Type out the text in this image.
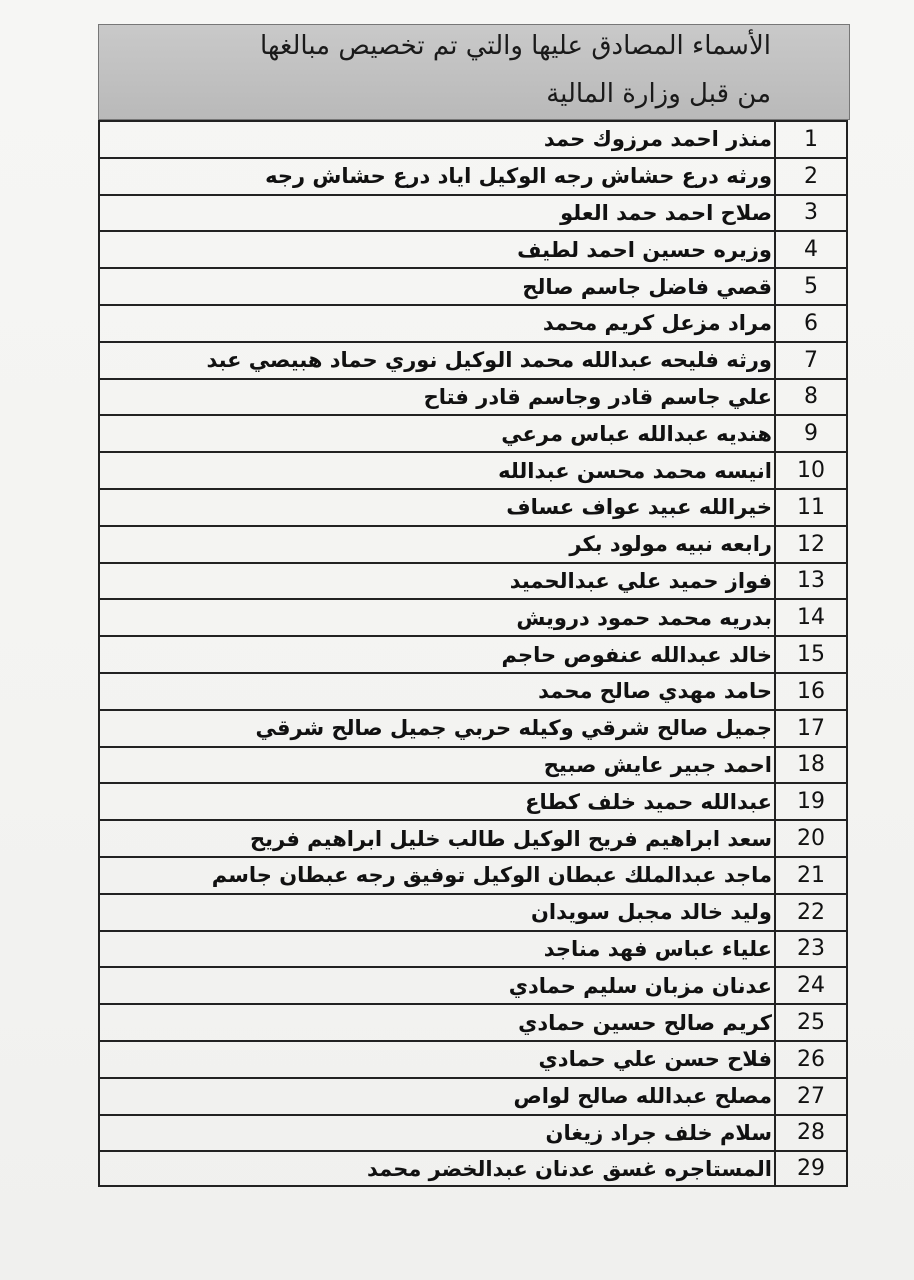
الأسماء المصادق عليها والتي تم تخصيص مبالغها
من قبل وزارة المالية
منذر احمد مرزوك حمد	1
ورثه درع حشاش رجه الوكيل اياد درع حشاش رجه	2
صلاح احمد حمد العلو	3
وزيره حسين احمد لطيف	4
قصي فاضل جاسم صالح	5
مراد مزعل كريم محمد	6
ورثه فليحه عبدالله محمد الوكيل نوري حماد هبيصي عبد	7
علي جاسم قادر وجاسم قادر فتاح	8
هنديه عبدالله عباس مرعي	9
انيسه محمد محسن عبدالله	10
خيرالله عبيد عواف عساف	11
رابعه نبيه مولود بكر	12
فواز حميد علي عبدالحميد	13
بدريه محمد حمود درويش	14
خالد عبدالله عنفوص حاجم	15
حامد مهدي صالح محمد	16
جميل صالح شرقي وكيله حربي جميل صالح شرقي	17
احمد جبير عايش صبيح	18
عبدالله حميد خلف كطاع	19
سعد ابراهيم فريح الوكيل طالب خليل ابراهيم فريح	20
ماجد عبدالملك عبطان الوكيل توفيق رجه عبطان جاسم	21
وليد خالد مجبل سويدان	22
علياء عباس فهد مناجد	23
عدنان مزبان سليم حمادي	24
كريم صالح حسين حمادي	25
فلاح حسن علي حمادي	26
مصلح عبدالله صالح لواص	27
سلام خلف جراد زيغان	28
المستاجره غسق عدنان عبدالخضر محمد	29
